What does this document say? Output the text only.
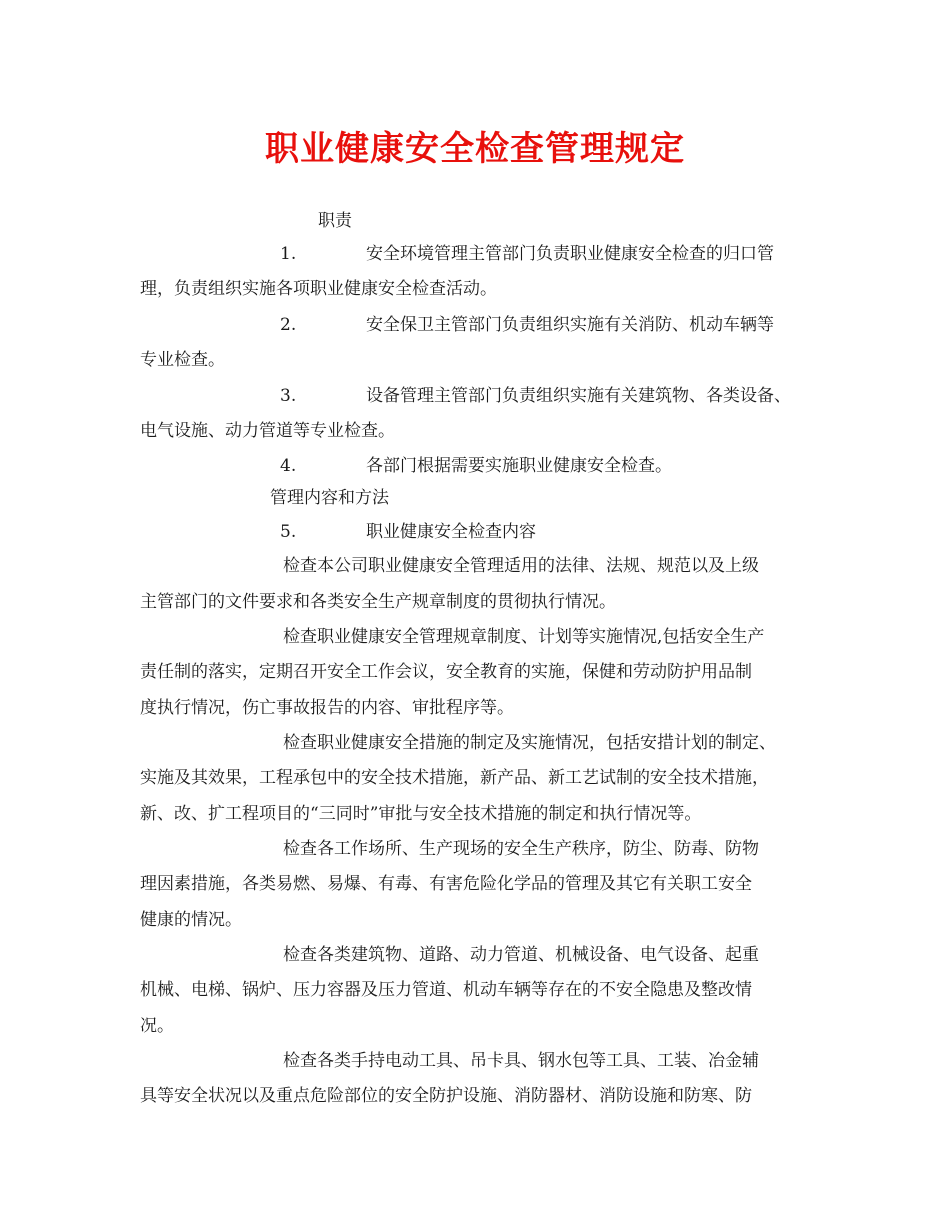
职业健康安全检查管理规定

职责

1.	安全环境管理主管部门负责职业健康安全检查的归口管

理，负责组织实施各项职业健康安全检查活动。

2.	安全保卫主管部门负责组织实施有关消防、机动车辆等

专业检查。

3.	设备管理主管部门负责组织实施有关建筑物、各类设备、

电气设施、动力管道等专业检查。

4.	各部门根据需要实施职业健康安全检查。

管理内容和方法

5.	职业健康安全检查内容

检查本公司职业健康安全管理适用的法律、法规、规范以及上级

主管部门的文件要求和各类安全生产规章制度的贯彻执行情况。

检查职业健康安全管理规章制度、计划等实施情况,包括安全生产

责任制的落实，定期召开安全工作会议，安全教育的实施，保健和劳动防护用品制

度执行情况，伤亡事故报告的内容、审批程序等。

检查职业健康安全措施的制定及实施情况，包括安措计划的制定、

实施及其效果，工程承包中的安全技术措施，新产品、新工艺试制的安全技术措施，

新、改、扩工程项目的“三同时”审批与安全技术措施的制定和执行情况等。

检查各工作场所、生产现场的安全生产秩序，防尘、防毒、防物

理因素措施，各类易燃、易爆、有毒、有害危险化学品的管理及其它有关职工安全

健康的情况。

检查各类建筑物、道路、动力管道、机械设备、电气设备、起重

机械、电梯、锅炉、压力容器及压力管道、机动车辆等存在的不安全隐患及整改情

况。

检查各类手持电动工具、吊卡具、钢水包等工具、工装、冶金辅

具等安全状况以及重点危险部位的安全防护设施、消防器材、消防设施和防寒、防
